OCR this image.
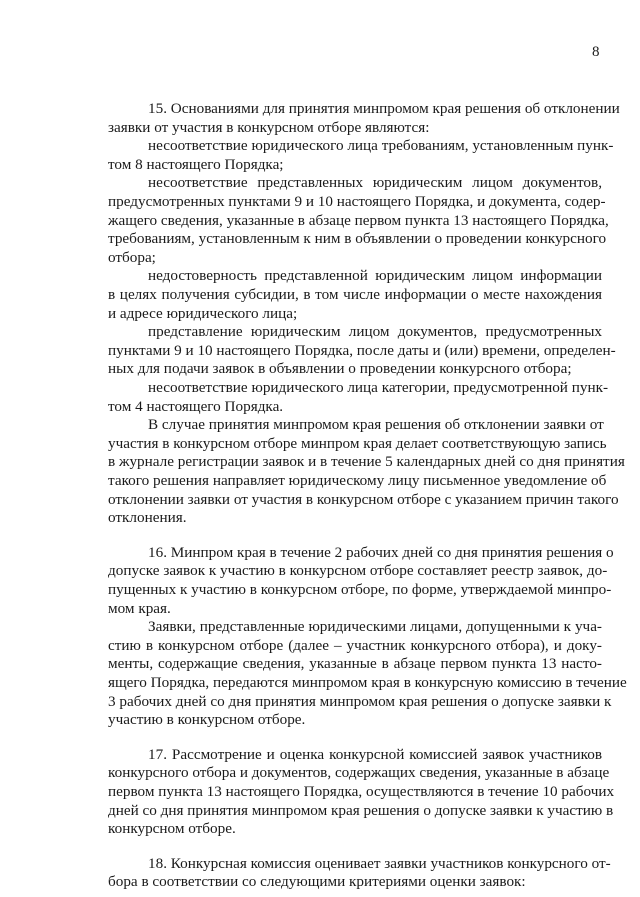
8
15. Основаниями для принятия минпромом края решения об отклонении
заявки от участия в конкурсном отборе являются:
несоответствие юридического лица требованиям, установленным пунк-
том 8 настоящего Порядка;
несоответствие представленных юридическим лицом документов,
предусмотренных пунктами 9 и 10 настоящего Порядка, и документа, содер-
жащего сведения, указанные в абзаце первом пункта 13 настоящего Порядка,
требованиям, установленным к ним в объявлении о проведении конкурсного
отбора;
недостоверность представленной юридическим лицом информации
в целях получения субсидии, в том числе информации о месте нахождения
и адресе юридического лица;
представление юридическим лицом документов, предусмотренных
пунктами 9 и 10 настоящего Порядка, после даты и (или) времени, определен-
ных для подачи заявок в объявлении о проведении конкурсного отбора;
несоответствие юридического лица категории, предусмотренной пунк-
том 4 настоящего Порядка.
В случае принятия минпромом края решения об отклонении заявки от
участия в конкурсном отборе минпром края делает соответствующую запись
в журнале регистрации заявок и в течение 5 календарных дней со дня принятия
такого решения направляет юридическому лицу письменное уведомление об
отклонении заявки от участия в конкурсном отборе с указанием причин такого
отклонения.
16. Минпром края в течение 2 рабочих дней со дня принятия решения о
допуске заявок к участию в конкурсном отборе составляет реестр заявок, до-
пущенных к участию в конкурсном отборе, по форме, утверждаемой минпро-
мом края.
Заявки, представленные юридическими лицами, допущенными к уча-
стию в конкурсном отборе (далее – участник конкурсного отбора), и доку-
менты, содержащие сведения, указанные в абзаце первом пункта 13 насто-
ящего Порядка, передаются минпромом края в конкурсную комиссию в течение
3 рабочих дней со дня принятия минпромом края решения о допуске заявки к
участию в конкурсном отборе.
17. Рассмотрение и оценка конкурсной комиссией заявок участников
конкурсного отбора и документов, содержащих сведения, указанные в абзаце
первом пункта 13 настоящего Порядка, осуществляются в течение 10 рабочих
дней со дня принятия минпромом края решения о допуске заявки к участию в
конкурсном отборе.
18. Конкурсная комиссия оценивает заявки участников конкурсного от-
бора в соответствии со следующими критериями оценки заявок:
